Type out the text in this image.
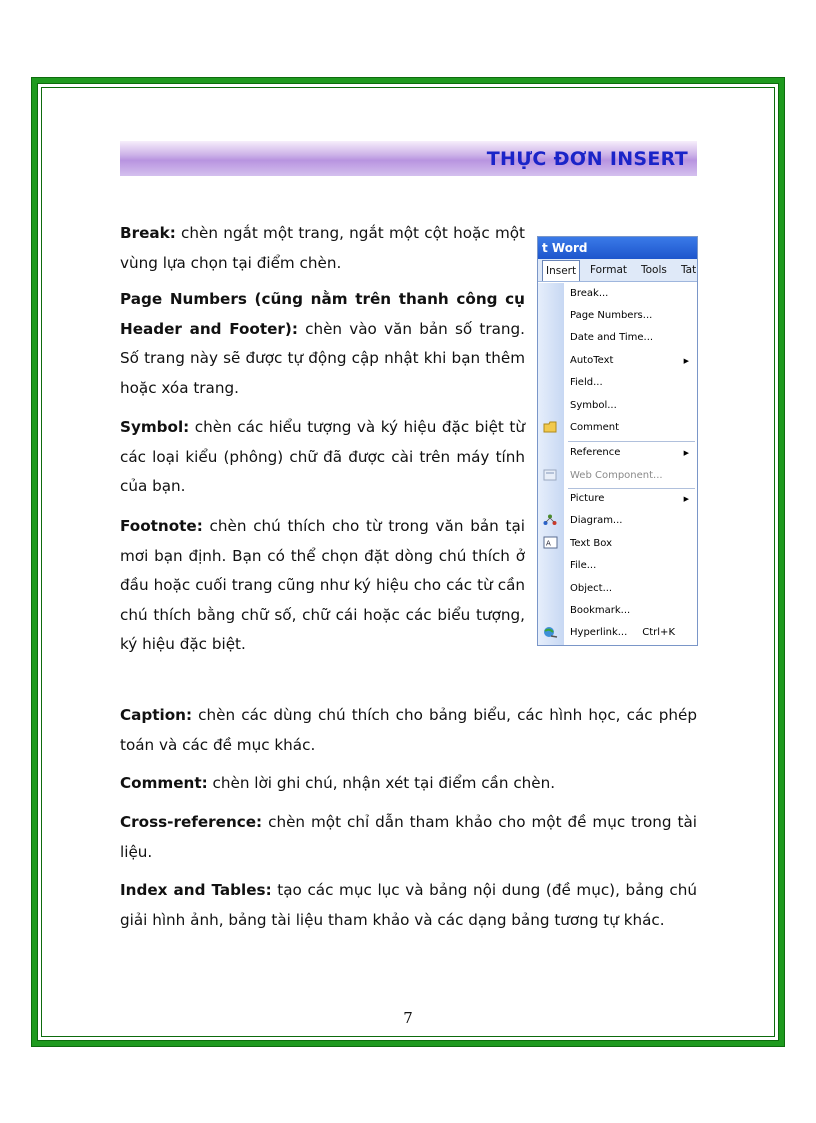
THỰC ĐƠN INSERT

Break: chèn ngắt một trang, ngắt một cột hoặc một vùng lựa chọn tại điểm chèn.

Page Numbers (cũng nằm trên thanh công cụ Header and Footer): chèn vào văn bản số trang. Số trang này sẽ được tự động cập nhật khi bạn thêm hoặc xóa trang.

Symbol: chèn các hiểu tượng và ký hiệu đặc biệt từ các loại kiểu (phông) chữ đã được cài trên máy tính của bạn.

Footnote: chèn chú thích cho từ trong văn bản tại mơi bạn định. Bạn có thể chọn đặt dòng chú thích ở đầu hoặc cuối trang cũng như ký hiệu cho các từ cần chú thích bằng chữ số, chữ cái hoặc các biểu tượng, ký hiệu đặc biệt.

Caption: chèn các dùng chú thích cho bảng biểu, các hình học, các phép toán và các đề mục khác.

Comment: chèn lời ghi chú, nhận xét tại điểm cần chèn.

Cross-reference: chèn một chỉ dẫn tham khảo cho một đề mục trong tài liệu.

Index and Tables: tạo các mục lục và bảng nội dung (đề mục), bảng chú giải hình ảnh, bảng tài liệu tham khảo và các dạng bảng tương tự khác.

t Word
Insert	Format Tools Tat
Break...
Page Numbers...
Date and Time...
AutoText	▶
Field...
Symbol...
Comment
Reference	▶
Web Component...
Picture	▶
Diagram...
A Text Box
File...
Object...
Bookmark...
Hyperlink... Ctrl+K
7
